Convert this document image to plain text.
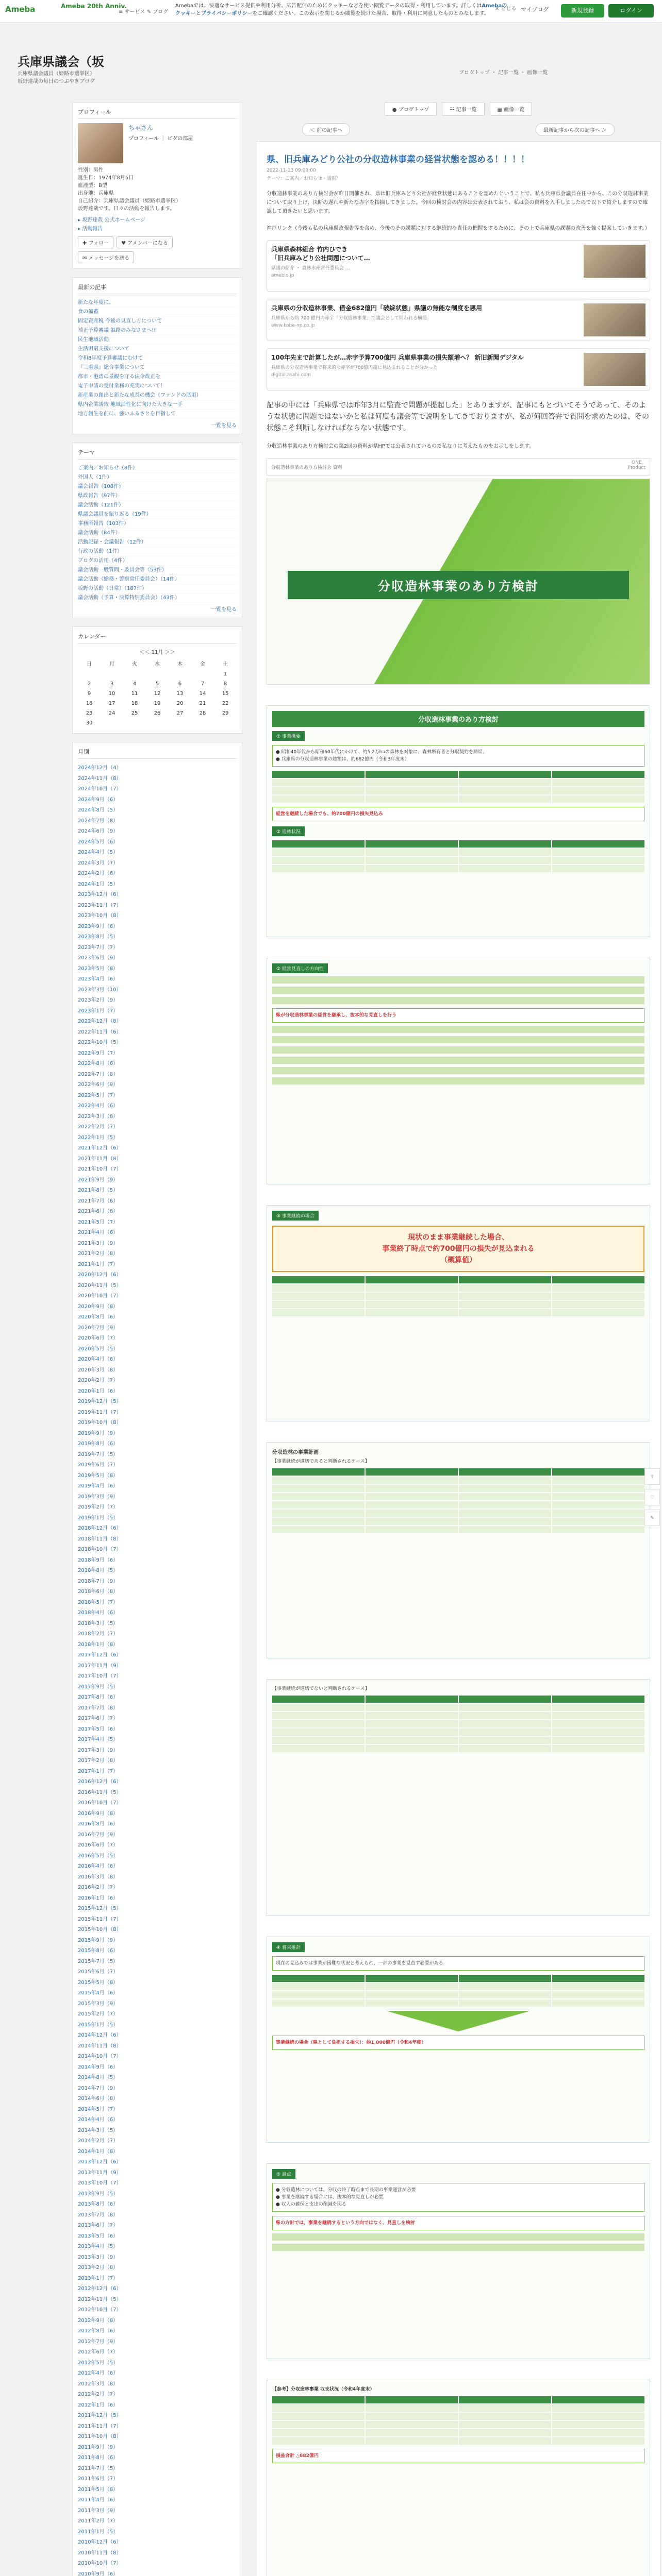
Ameba	Ameba 20th Anniv.
≡ サービス ✎ ブログ
Amebaでは、快適なサービス提供や利用分析、広告配信のためにクッキーなどを使い閲覧データの取得・利用しています。詳しくはAmebaのクッキーとプライバシーポリシーをご確認ください。この表示を閉じるか閲覧を続けた場合、取得・利用に同意したものとみなします。
✕ とじる マイブログ	新規登録	ログイン
兵庫県議会（坂
兵庫県議会議員（姫路市選挙区）
坂野達哉の毎日のつぶやきブログ
ブログトップ ・ 記事一覧 ・ 画像一覧
プロフィール
ちゃさん
プロフィール ｜ ピグの部屋
性別：男性
誕生日：1974年8月5日
血液型：B型
出身地：兵庫県
自己紹介：兵庫県議会議員（姫路市選挙区）
坂野達哉です。日々の活動を報告します。
▸ 坂野達哉 公式ホームページ
▸ 活動報告
✚ フォロー	♥ アメンバーになる
✉ メッセージを送る
最新の記事
新たな年度に。
食の備蓄
固定資産税 今後の見直し方について
補正予算審議 姫路のみなさまへ!!
民生地域活動
生活困窮支援について
令和8年度予算審議にむけて
『三重県』総合事業について
都市・港湾の景観を守る法令改正を
電子申請の受付業務の充実について！
新産業の創出と新たな成長の機会（ファンドの活用）
県内企業誘致 地域活性化に向けた大きな一手
地方創生を前に、強いふるさとを目指して
一覧を見る
テーマ
ご案内／お知らせ（8件）
外国人（1件）
議会報告（108件）
県政報告（97件）
議会活動（121件）
県議会議員を振り返る（19件）
事務所報告（103件）
議会活動（84件）
活動記録・会議報告（12件）
行政の活動（1件）
ブログの活用（4件）
議会活動一般質問・委員会等（53件）
議会活動（総務・警察常任委員会）（14件）
坂野の活動（日常）（187件）
議会活動（予算・決算特別委員会）（43件）
一覧を見る
カレンダー
＜＜ 11月 ＞＞
日	月	火	水	木	金	土
						1
2	3	4	5	6	7	8
9	10	11	12	13	14	15
16	17	18	19	20	21	22
23	24	25	26	27	28	29
30						
月別
2024年12月（4）
2024年11月（8）
2024年10月（7）
2024年9月（6）
2024年8月（5）
2024年7月（8）
2024年6月（9）
2024年5月（6）
2024年4月（5）
2024年3月（7）
2024年2月（6）
2024年1月（5）
2023年12月（6）
2023年11月（7）
2023年10月（8）
2023年9月（6）
2023年8月（5）
2023年7月（7）
2023年6月（9）
2023年5月（8）
2023年4月（6）
2023年3月（10）
2023年2月（9）
2023年1月（7）
2022年12月（8）
2022年11月（6）
2022年10月（5）
2022年9月（7）
2022年8月（6）
2022年7月（8）
2022年6月（9）
2022年5月（7）
2022年4月（6）
2022年3月（8）
2022年2月（7）
2022年1月（5）
2021年12月（6）
2021年11月（8）
2021年10月（7）
2021年9月（9）
2021年8月（5）
2021年7月（6）
2021年6月（8）
2021年5月（7）
2021年4月（6）
2021年3月（9）
2021年2月（8）
2021年1月（7）
2020年12月（6）
2020年11月（5）
2020年10月（7）
2020年9月（8）
2020年8月（6）
2020年7月（9）
2020年6月（7）
2020年5月（5）
2020年4月（6）
2020年3月（8）
2020年2月（7）
2020年1月（6）
2019年12月（5）
2019年11月（7）
2019年10月（8）
2019年9月（9）
2019年8月（6）
2019年7月（5）
2019年6月（7）
2019年5月（8）
2019年4月（6）
2019年3月（9）
2019年2月（7）
2019年1月（5）
2018年12月（6）
2018年11月（8）
2018年10月（7）
2018年9月（6）
2018年8月（5）
2018年7月（9）
2018年6月（8）
2018年5月（7）
2018年4月（6）
2018年3月（5）
2018年2月（7）
2018年1月（8）
2017年12月（6）
2017年11月（9）
2017年10月（7）
2017年9月（5）
2017年8月（6）
2017年7月（8）
2017年6月（7）
2017年5月（6）
2017年4月（5）
2017年3月（9）
2017年2月（8）
2017年1月（7）
2016年12月（6）
2016年11月（5）
2016年10月（7）
2016年9月（8）
2016年8月（6）
2016年7月（9）
2016年6月（7）
2016年5月（5）
2016年4月（6）
2016年3月（8）
2016年2月（7）
2016年1月（6）
2015年12月（5）
2015年11月（7）
2015年10月（8）
2015年9月（9）
2015年8月（6）
2015年7月（5）
2015年6月（7）
2015年5月（8）
2015年4月（6）
2015年3月（9）
2015年2月（7）
2015年1月（5）
2014年12月（6）
2014年11月（8）
2014年10月（7）
2014年9月（6）
2014年8月（5）
2014年7月（9）
2014年6月（8）
2014年5月（7）
2014年4月（6）
2014年3月（5）
2014年2月（7）
2014年1月（8）
2013年12月（6）
2013年11月（9）
2013年10月（7）
2013年9月（5）
2013年8月（6）
2013年7月（8）
2013年6月（7）
2013年5月（6）
2013年4月（5）
2013年3月（9）
2013年2月（8）
2013年1月（7）
2012年12月（6）
2012年11月（5）
2012年10月（7）
2012年9月（8）
2012年8月（6）
2012年7月（9）
2012年6月（7）
2012年5月（5）
2012年4月（6）
2012年3月（8）
2012年2月（7）
2012年1月（6）
2011年12月（5）
2011年11月（7）
2011年10月（8）
2011年9月（9）
2011年8月（6）
2011年7月（5）
2011年6月（7）
2011年5月（8）
2011年4月（6）
2011年3月（9）
2011年2月（7）
2011年1月（5）
2010年12月（6）
2010年11月（8）
2010年10月（7）
2010年9月（6）
● ブログトップ	☷ 記事一覧	▦ 画像一覧
＜ 前の記事へ	最新記事から次の記事へ ＞
県、旧兵庫みどり公社の分収造林事業の経営状態を認める！！！！
2022-11-13 09:00:00
テーマ：ご案内／お知らせ・議報？
分収造林事業のあり方検討会が昨日開催され、県は旧兵庫みどり公社が経営状態にあることを認めたということで、私も兵庫県会議員在任中から、この分収造林事業について取り上げ、決断の遅れや新たな赤字を指摘してきました。今回の検討会の内容は公表されており、私は会の資料を入手しましたので以下で紹介しますので確認して頂きたいと思います。
神戸リンク（今後も私の兵庫県政報告等を含め、今後のその課題に対する継続的な責任の把握をするために、その上で兵庫県の課題の改善を強く提案していきます。）
兵庫県森林組合 竹内ひでき
「旧兵庫みどり公社問題について…
県議の紹介 ・ 農林水産常任委員会 …
ameblo.jp
兵庫県の分収造林事業、借金682億円「破綻状態」県議の無能な制度を悪用
兵庫県から約 700 億円の赤字「分収造林事業」で議会として問われる構造
www.kobe-np.co.jp
100年先まで計算したが…赤字予算700億円 兵庫県事業の損失額増へ？ 新旧新聞デジタル
兵庫県の分収造林事業で将来的な赤字が700億円超に見込まれることが分かった
digital.asahi.com
記事の中には「兵庫県では昨年3月に監査で問題が提起した」とありますが、記事にもとづいてそうであって、そのような状態に問題ではないかと私は何度も議会等で説明をしてきておりますが、私が何回答弁で質問を求めたのは、その状態こそ判断しなければならない状態です。
分収造林事業のあり方検討会の第2回の資料が県HPでは公表されているので私なりに考えたものをお示しをします。
分収造林事業のあり方検討会 資料
ONE
Product
分収造林事業のあり方検討
分収造林事業のあり方検討
① 事業概要
● 昭和40年代から昭和60年代にかけて、約5.2万haの森林を対象に、森林所有者と分収契約を締結。
● 兵庫県の分収造林事業の総額は、約682億円（令和3年度末）
経営を継続した場合でも、約700億円の損失見込み
② 造林状況
② 経営見直しの方向性
県が分収造林事業の経営を継承し、抜本的な見直しを行う
③ 事業継続の場合
現状のまま事業継続した場合、
事業終了時点で約700億円の損失が見込まれる
（概算値）
分収造林の事業計画
【事業継続が適切であると判断されるケース】
【事業継続が適切でないと判断されるケース】
④ 将来推計
現在の見込みでは事業が困難な状況と考えられ、一部の事業を見直す必要がある
事業継続の場合（県として負担する損失）：約1,000億円（令和4年度）
⑤ 論点
● 分収造林については、分収の終了時点まで長期の事業運営が必要
● 事業を継続する場合には、抜本的な見直しが必要
● 収入の確保と支出の削減を図る
県の方針では、事業を継続するという方向ではなく、見直しを検討
【参考】分収造林事業 収支状況（令和4年度末）
損益合計 △682億円
⇪
♡
✎
